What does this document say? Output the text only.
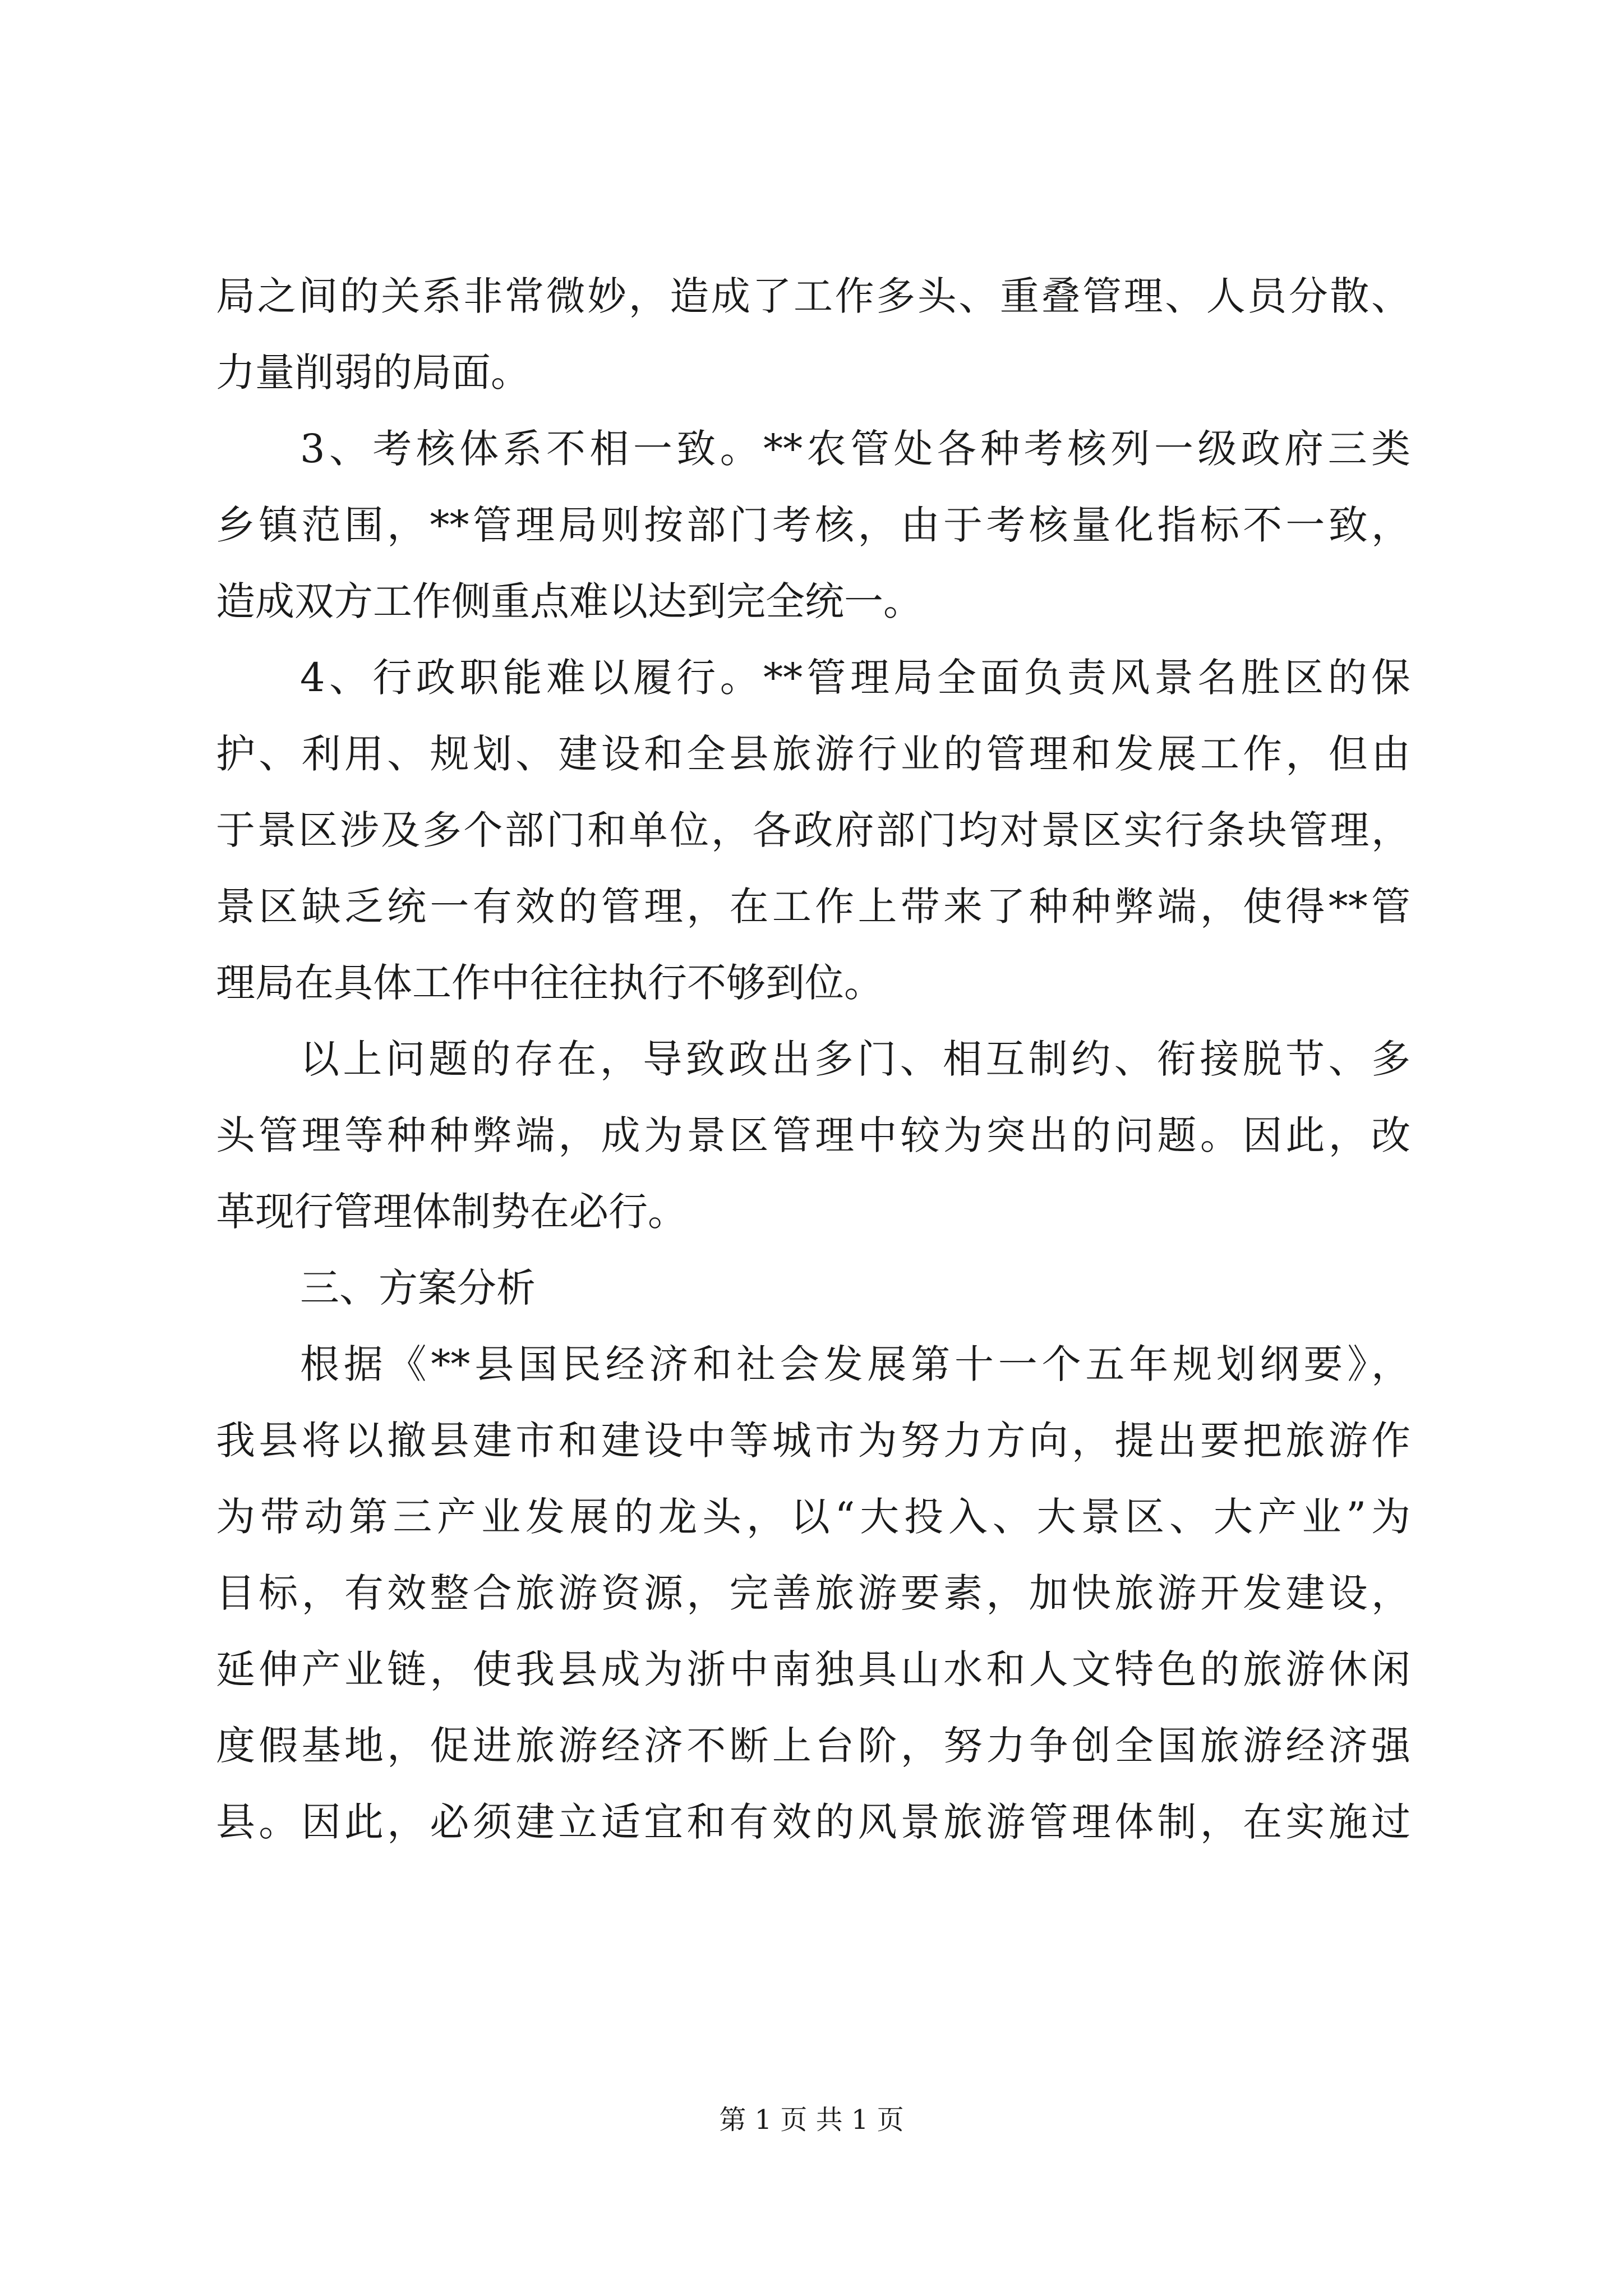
局之间的关系非常微妙，造成了工作多头、重叠管理、人员分散、
力量削弱的局面。
3、考核体系不相一致。**农管处各种考核列一级政府三类
乡镇范围，**管理局则按部门考核，由于考核量化指标不一致，
造成双方工作侧重点难以达到完全统一。
4、行政职能难以履行。**管理局全面负责风景名胜区的保
护、利用、规划、建设和全县旅游行业的管理和发展工作，但由
于景区涉及多个部门和单位，各政府部门均对景区实行条块管理，
景区缺乏统一有效的管理，在工作上带来了种种弊端，使得**管
理局在具体工作中往往执行不够到位。
以上问题的存在，导致政出多门、相互制约、衔接脱节、多
头管理等种种弊端，成为景区管理中较为突出的问题。因此，改
革现行管理体制势在必行。
三、方案分析
根据《**县国民经济和社会发展第十一个五年规划纲要》，
我县将以撤县建市和建设中等城市为努力方向，提出要把旅游作
为带动第三产业发展的龙头，以“大投入、大景区、大产业”为
目标，有效整合旅游资源，完善旅游要素，加快旅游开发建设，
延伸产业链，使我县成为浙中南独具山水和人文特色的旅游休闲
度假基地，促进旅游经济不断上台阶，努力争创全国旅游经济强
县。因此，必须建立适宜和有效的风景旅游管理体制，在实施过
第 1 页 共 1 页
